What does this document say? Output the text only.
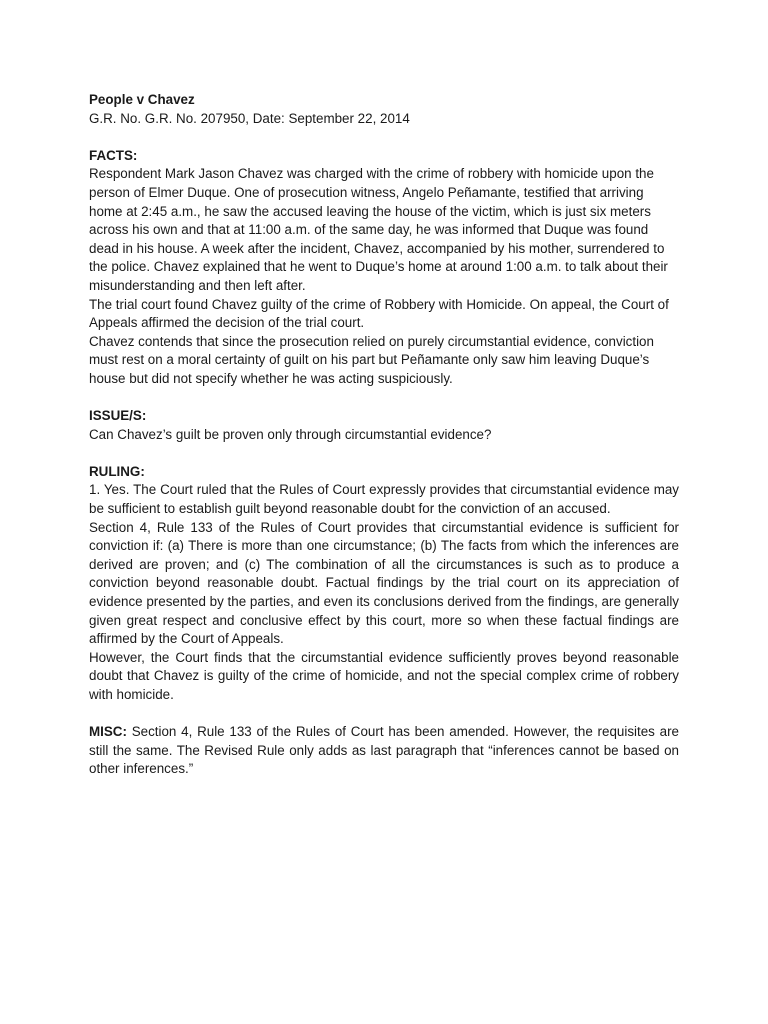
People v Chavez

G.R. No. G.R. No. 207950, Date: September 22, 2014

FACTS:

Respondent Mark Jason Chavez was charged with the crime of robbery with homicide upon the person of Elmer Duque. One of prosecution witness, Angelo Peñamante, testified that arriving home at 2:45 a.m., he saw the accused leaving the house of the victim, which is just six meters across his own and that at 11:00 a.m. of the same day, he was informed that Duque was found dead in his house. A week after the incident, Chavez, accompanied by his mother, surrendered to the police. Chavez explained that he went to Duque’s home at around 1:00 a.m. to talk about their misunderstanding and then left after.

The trial court found Chavez guilty of the crime of Robbery with Homicide. On appeal, the Court of Appeals affirmed the decision of the trial court.

Chavez contends that since the prosecution relied on purely circumstantial evidence, conviction must rest on a moral certainty of guilt on his part but Peñamante only saw him leaving Duque’s house but did not specify whether he was acting suspiciously.

ISSUE/S:

Can Chavez’s guilt be proven only through circumstantial evidence?

RULING:

1. Yes. The Court ruled that the Rules of Court expressly provides that circumstantial evidence may be sufficient to establish guilt beyond reasonable doubt for the conviction of an accused.

Section 4, Rule 133 of the Rules of Court provides that circumstantial evidence is sufficient for conviction if: (a) There is more than one circumstance; (b) The facts from which the inferences are derived are proven; and (c) The combination of all the circumstances is such as to produce a conviction beyond reasonable doubt. Factual findings by the trial court on its appreciation of evidence presented by the parties, and even its conclusions derived from the findings, are generally given great respect and conclusive effect by this court, more so when these factual findings are affirmed by the Court of Appeals.

However, the Court finds that the circumstantial evidence sufficiently proves beyond reasonable doubt that Chavez is guilty of the crime of homicide, and not the special complex crime of robbery with homicide.

MISC: Section 4, Rule 133 of the Rules of Court has been amended. However, the requisites are still the same. The Revised Rule only adds as last paragraph that “inferences cannot be based on other inferences.”
